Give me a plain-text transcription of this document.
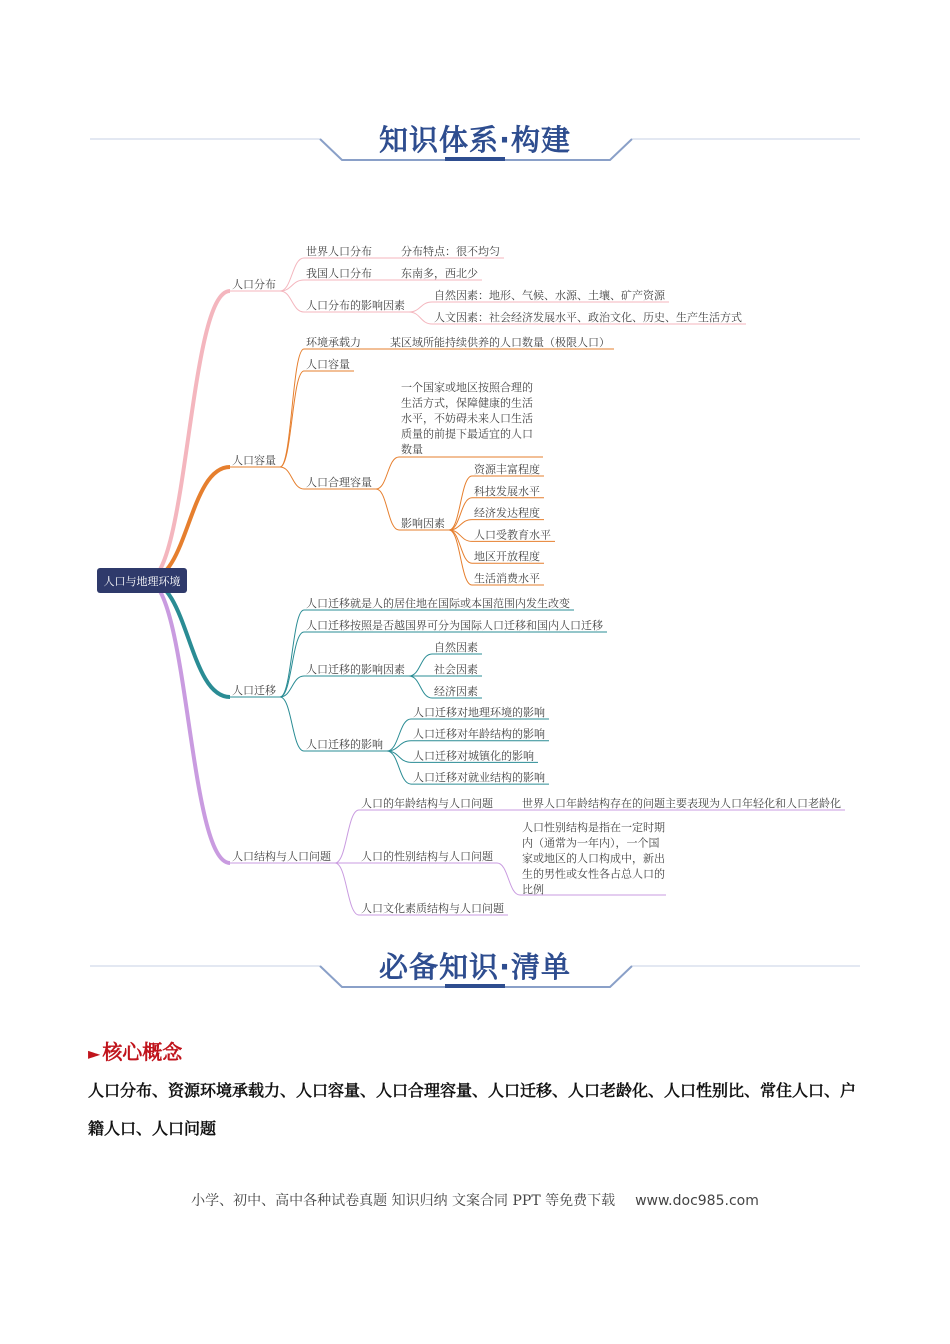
知识体系·构建
人口分布
人口容量
人口迁移
人口结构与人口问题
世界人口分布	分布特点：很不均匀
我国人口分布	东南多，西北少
人口分布的影响因素
自然因素：地形、气候、水源、土壤、矿产资源
人文因素：社会经济发展水平、政治文化、历史、生产生活方式
环境承载力	某区域所能持续供养的人口数量（极限人口）
人口容量
人口合理容量
一个国家或地区按照合理的
生活方式，保障健康的生活
水平，不妨碍未来人口生活
质量的前提下最适宜的人口
数量
影响因素
资源丰富程度
科技发展水平
经济发达程度
人口受教育水平
地区开放程度
生活消费水平
人口迁移就是人的居住地在国际或本国范围内发生改变
人口迁移按照是否越国界可分为国际人口迁移和国内人口迁移
人口迁移的影响因素
自然因素
社会因素
经济因素
人口迁移的影响
人口迁移对地理环境的影响
人口迁移对年龄结构的影响
人口迁移对城镇化的影响
人口迁移对就业结构的影响
人口的年龄结构与人口问题	世界人口年龄结构存在的问题主要表现为人口年轻化和人口老龄化
人口的性别结构与人口问题
人口性别结构是指在一定时期
内（通常为一年内），一个国
家或地区的人口构成中，新出
生的男性或女性各占总人口的
比例
人口文化素质结构与人口问题
人口与地理环境
必备知识·清单
► 核心概念
人口分布、资源环境承载力、人口容量、人口合理容量、人口迁移、人口老龄化、人口性别比、常住人口、户籍人口、人口问题
小学、初中、高中各种试卷真题 知识归纳 文案合同 PPT 等免费下载 www.doc985.com
